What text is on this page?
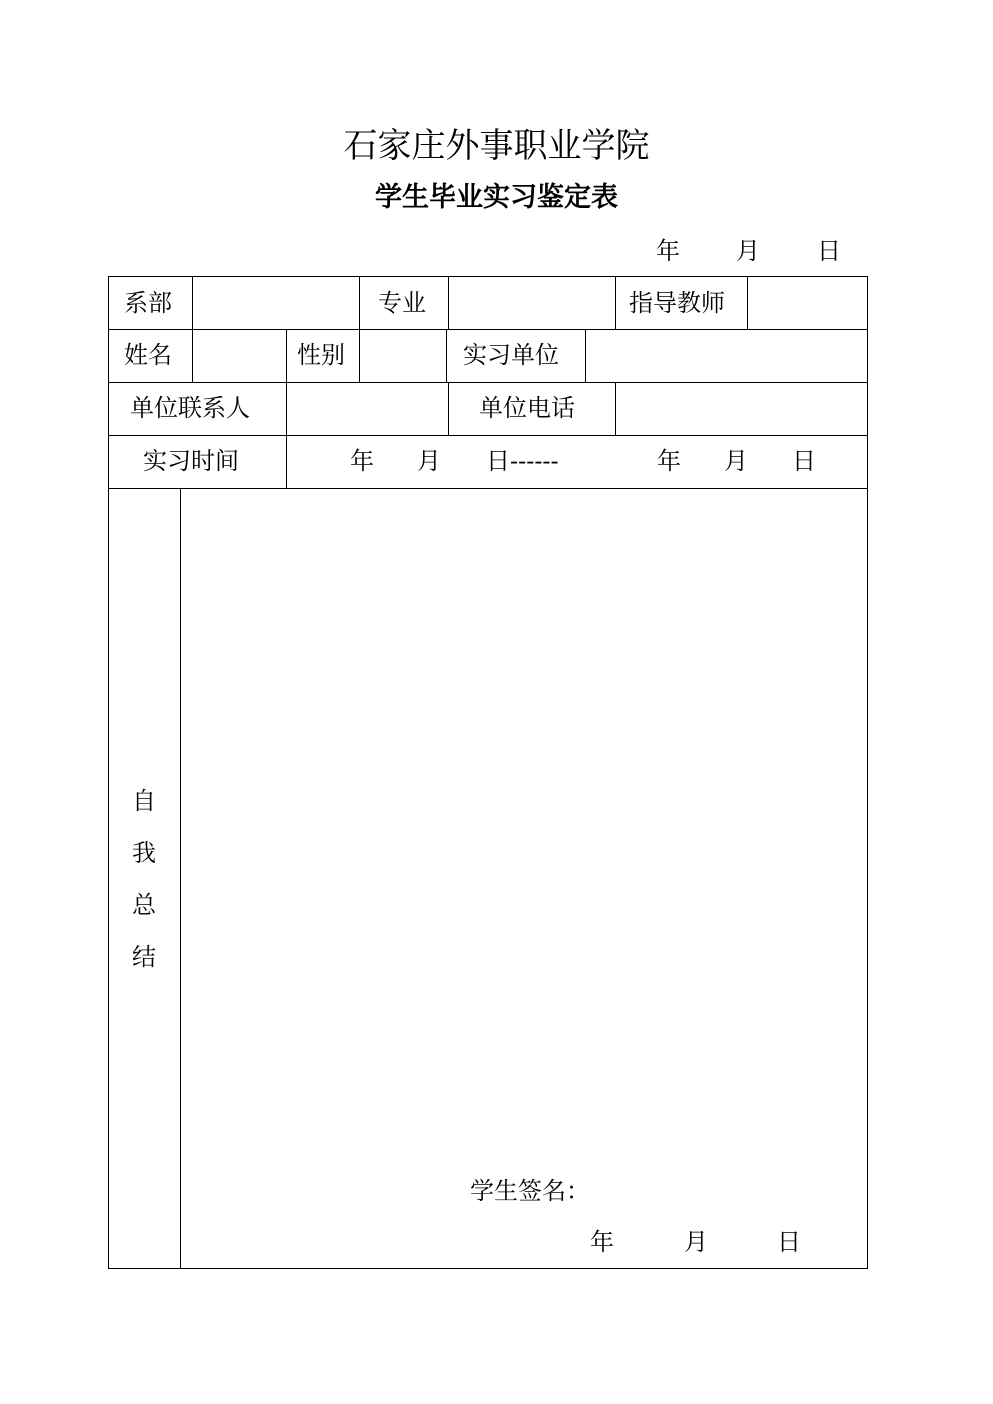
石家庄外事职业学院
学生毕业实习鉴定表
年 月 日
系部	专业	指导教师
姓名	性别	实习单位
单位联系人	单位电话
实习时间	年 月 日------	年 月 日
自
我
总
结
学生签名：
年	月	日
